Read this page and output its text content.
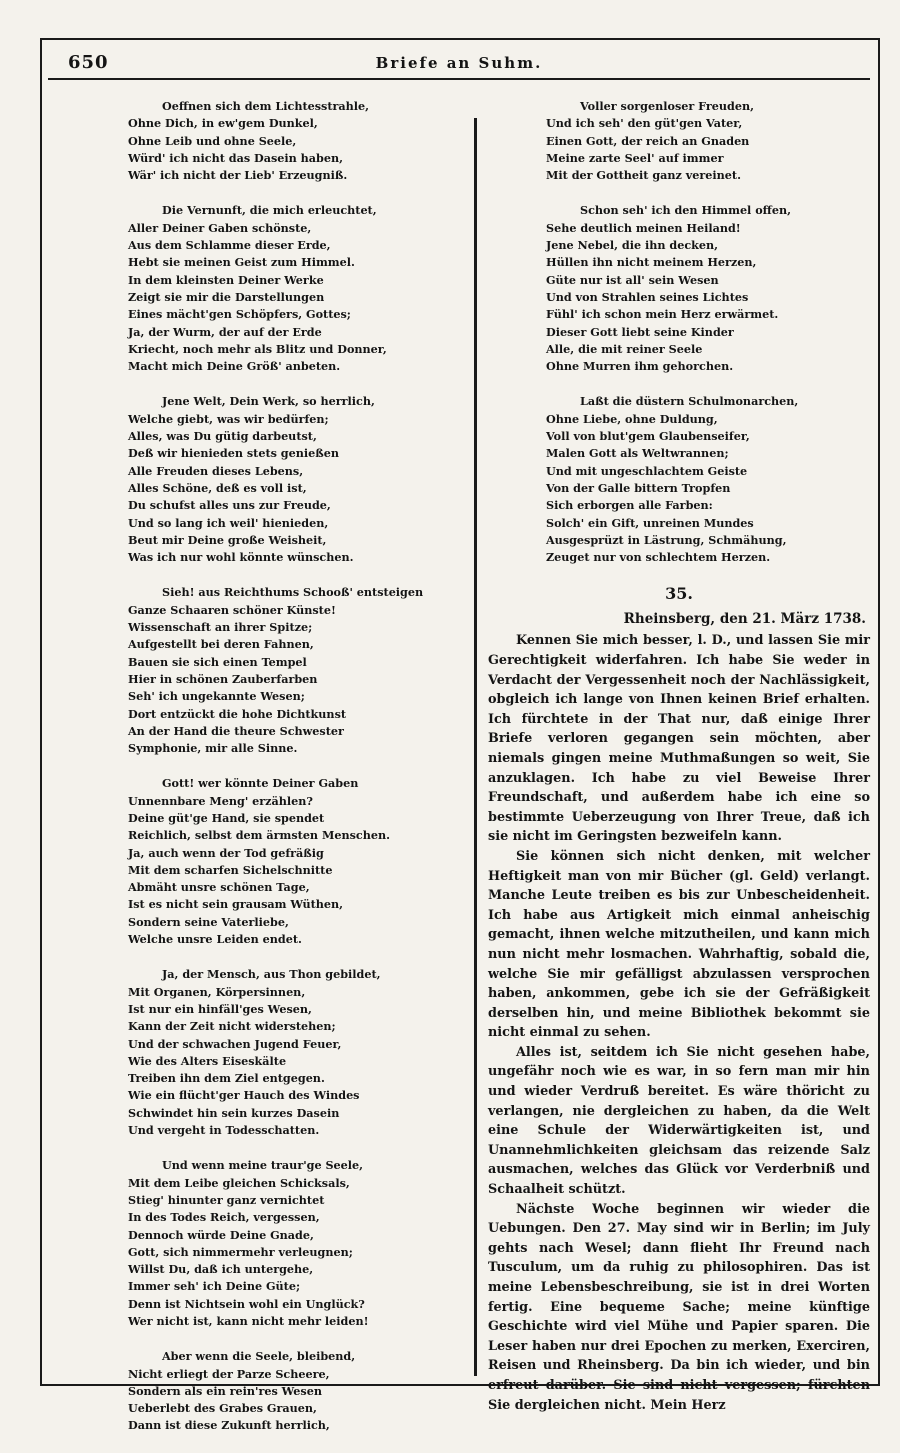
650	Briefe an Suhm.
Oeffnen sich dem Lichtesstrahle,
Ohne Dich, in ew'gem Dunkel,
Ohne Leib und ohne Seele,
Würd' ich nicht das Dasein haben,
Wär' ich nicht der Lieb' Erzeugniß.
Die Vernunft, die mich erleuchtet,
Aller Deiner Gaben schönste,
Aus dem Schlamme dieser Erde,
Hebt sie meinen Geist zum Himmel.
In dem kleinsten Deiner Werke
Zeigt sie mir die Darstellungen
Eines mächt'gen Schöpfers, Gottes;
Ja, der Wurm, der auf der Erde
Kriecht, noch mehr als Blitz und Donner,
Macht mich Deine Größ' anbeten.
Jene Welt, Dein Werk, so herrlich,
Welche giebt, was wir bedürfen;
Alles, was Du gütig darbeutst,
Deß wir hienieden stets genießen
Alle Freuden dieses Lebens,
Alles Schöne, deß es voll ist,
Du schufst alles uns zur Freude,
Und so lang ich weil' hienieden,
Beut mir Deine große Weisheit,
Was ich nur wohl könnte wünschen.
Sieh! aus Reichthums Schooß' entsteigen
Ganze Schaaren schöner Künste!
Wissenschaft an ihrer Spitze;
Aufgestellt bei deren Fahnen,
Bauen sie sich einen Tempel
Hier in schönen Zauberfarben
Seh' ich ungekannte Wesen;
Dort entzückt die hohe Dichtkunst
An der Hand die theure Schwester
Symphonie, mir alle Sinne.
Gott! wer könnte Deiner Gaben
Unnennbare Meng' erzählen?
Deine güt'ge Hand, sie spendet
Reichlich, selbst dem ärmsten Menschen.
Ja, auch wenn der Tod gefräßig
Mit dem scharfen Sichelschnitte
Abmäht unsre schönen Tage,
Ist es nicht sein grausam Wüthen,
Sondern seine Vaterliebe,
Welche unsre Leiden endet.
Ja, der Mensch, aus Thon gebildet,
Mit Organen, Körpersinnen,
Ist nur ein hinfäll'ges Wesen,
Kann der Zeit nicht widerstehen;
Und der schwachen Jugend Feuer,
Wie des Alters Eiseskälte
Treiben ihn dem Ziel entgegen.
Wie ein flücht'ger Hauch des Windes
Schwindet hin sein kurzes Dasein
Und vergeht in Todesschatten.
Und wenn meine traur'ge Seele,
Mit dem Leibe gleichen Schicksals,
Stieg' hinunter ganz vernichtet
In des Todes Reich, vergessen,
Dennoch würde Deine Gnade,
Gott, sich nimmermehr verleugnen;
Willst Du, daß ich untergehe,
Immer seh' ich Deine Güte;
Denn ist Nichtsein wohl ein Unglück?
Wer nicht ist, kann nicht mehr leiden!
Aber wenn die Seele, bleibend,
Nicht erliegt der Parze Scheere,
Sondern als ein rein'res Wesen
Ueberlebt des Grabes Grauen,
Dann ist diese Zukunft herrlich,
Voller sorgenloser Freuden,
Und ich seh' den güt'gen Vater,
Einen Gott, der reich an Gnaden
Meine zarte Seel' auf immer
Mit der Gottheit ganz vereinet.
Schon seh' ich den Himmel offen,
Sehe deutlich meinen Heiland!
Jene Nebel, die ihn decken,
Hüllen ihn nicht meinem Herzen,
Güte nur ist all' sein Wesen
Und von Strahlen seines Lichtes
Fühl' ich schon mein Herz erwärmet.
Dieser Gott liebt seine Kinder
Alle, die mit reiner Seele
Ohne Murren ihm gehorchen.
Laßt die düstern Schulmonarchen,
Ohne Liebe, ohne Duldung,
Voll von blut'gem Glaubenseifer,
Malen Gott als Weltwrannen;
Und mit ungeschlachtem Geiste
Von der Galle bittern Tropfen
Sich erborgen alle Farben:
Solch' ein Gift, unreinen Mundes
Ausgesprüzt in Lästrung, Schmähung,
Zeuget nur von schlechtem Herzen.
35.
Rheinsberg, den 21. März 1738.

Kennen Sie mich besser, l. D., und lassen Sie mir Gerechtigkeit widerfahren. Ich habe Sie weder in Verdacht der Vergessenheit noch der Nachlässigkeit, obgleich ich lange von Ihnen keinen Brief erhalten. Ich fürchtete in der That nur, daß einige Ihrer Briefe verloren gegangen sein möchten, aber niemals gingen meine Muthmaßungen so weit, Sie anzuklagen. Ich habe zu viel Beweise Ihrer Freundschaft, und außerdem habe ich eine so bestimmte Ueberzeugung von Ihrer Treue, daß ich sie nicht im Geringsten bezweifeln kann.

Sie können sich nicht denken, mit welcher Heftigkeit man von mir Bücher (gl. Geld) verlangt. Manche Leute treiben es bis zur Unbescheidenheit. Ich habe aus Artigkeit mich einmal anheischig gemacht, ihnen welche mitzutheilen, und kann mich nun nicht mehr losmachen. Wahrhaftig, sobald die, welche Sie mir gefälligst abzulassen versprochen haben, ankommen, gebe ich sie der Gefräßigkeit derselben hin, und meine Bibliothek bekommt sie nicht einmal zu sehen.

Alles ist, seitdem ich Sie nicht gesehen habe, ungefähr noch wie es war, in so fern man mir hin und wieder Verdruß bereitet. Es wäre thöricht zu verlangen, nie dergleichen zu haben, da die Welt eine Schule der Widerwärtigkeiten ist, und Unannehmlichkeiten gleichsam das reizende Salz ausmachen, welches das Glück vor Verderbniß und Schaalheit schützt.

Nächste Woche beginnen wir wieder die Uebungen. Den 27. May sind wir in Berlin; im July gehts nach Wesel; dann flieht Ihr Freund nach Tusculum, um da ruhig zu philosophiren. Das ist meine Lebensbeschreibung, sie ist in drei Worten fertig. Eine bequeme Sache; meine künftige Geschichte wird viel Mühe und Papier sparen. Die Leser haben nur drei Epochen zu merken, Exerciren, Reisen und Rheinsberg. Da bin ich wieder, und bin erfreut darüber. Sie sind nicht vergessen; fürchten Sie dergleichen nicht. Mein Herz
